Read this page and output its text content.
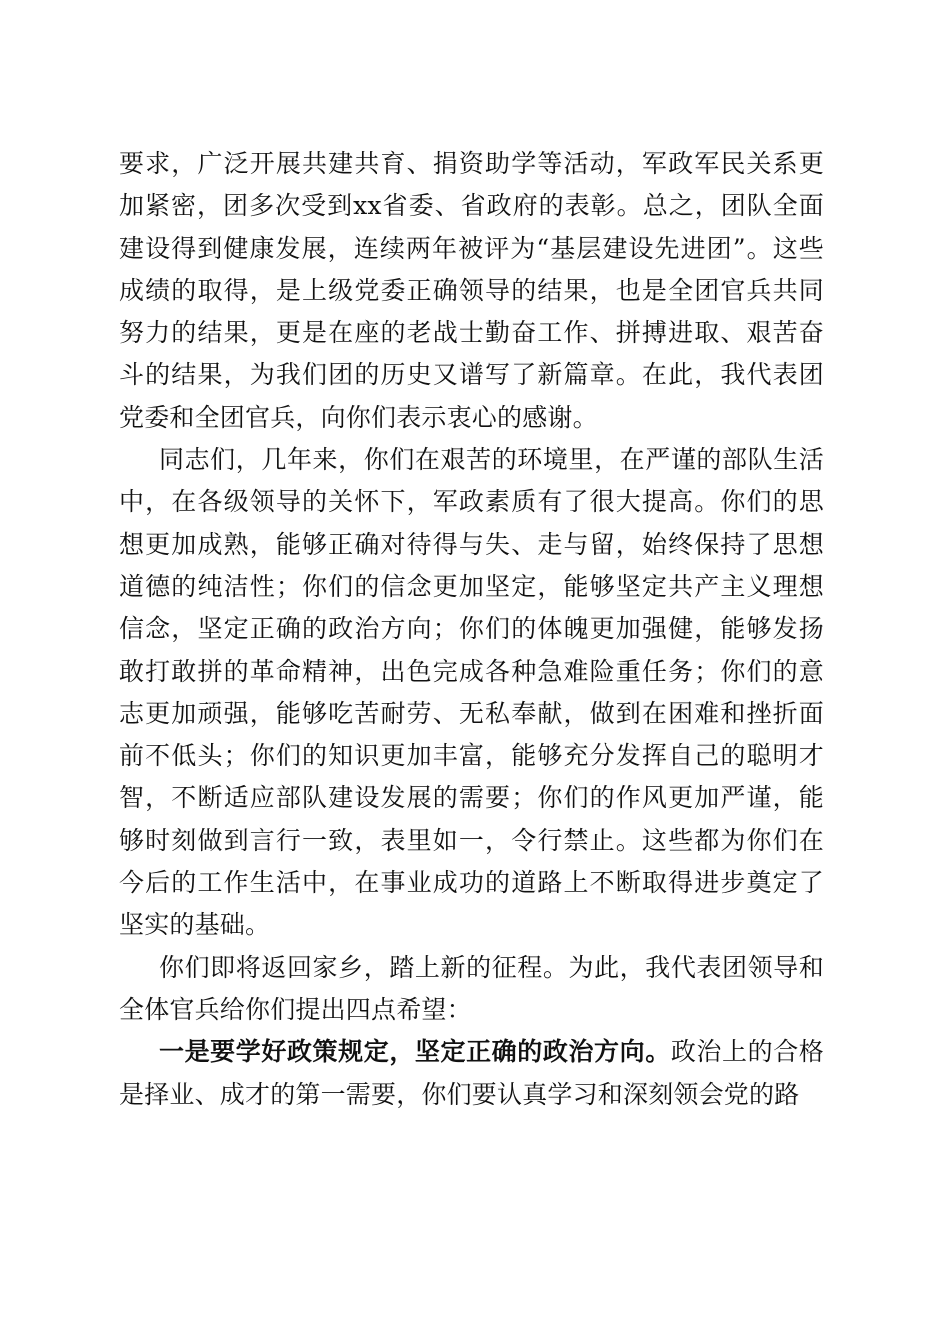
要求，广泛开展共建共育、捐资助学等活动，军政军民关系更加紧密，团多次受到xx省委、省政府的表彰。总之，团队全面建设得到健康发展，连续两年被评为“基层建设先进团”。这些成绩的取得，是上级党委正确领导的结果，也是全团官兵共同努力的结果，更是在座的老战士勤奋工作、拼搏进取、艰苦奋斗的结果，为我们团的历史又谱写了新篇章。在此，我代表团党委和全团官兵，向你们表示衷心的感谢。

同志们，几年来，你们在艰苦的环境里，在严谨的部队生活中，在各级领导的关怀下，军政素质有了很大提高。你们的思想更加成熟，能够正确对待得与失、走与留，始终保持了思想道德的纯洁性；你们的信念更加坚定，能够坚定共产主义理想信念，坚定正确的政治方向；你们的体魄更加强健，能够发扬敢打敢拼的革命精神，出色完成各种急难险重任务；你们的意志更加顽强，能够吃苦耐劳、无私奉献，做到在困难和挫折面前不低头；你们的知识更加丰富，能够充分发挥自己的聪明才智，不断适应部队建设发展的需要；你们的作风更加严谨，能够时刻做到言行一致，表里如一，令行禁止。这些都为你们在今后的工作生活中，在事业成功的道路上不断取得进步奠定了坚实的基础。

你们即将返回家乡，踏上新的征程。为此，我代表团领导和全体官兵给你们提出四点希望：

一是要学好政策规定，坚定正确的政治方向。政治上的合格是择业、成才的第一需要，你们要认真学习和深刻领会党的路
